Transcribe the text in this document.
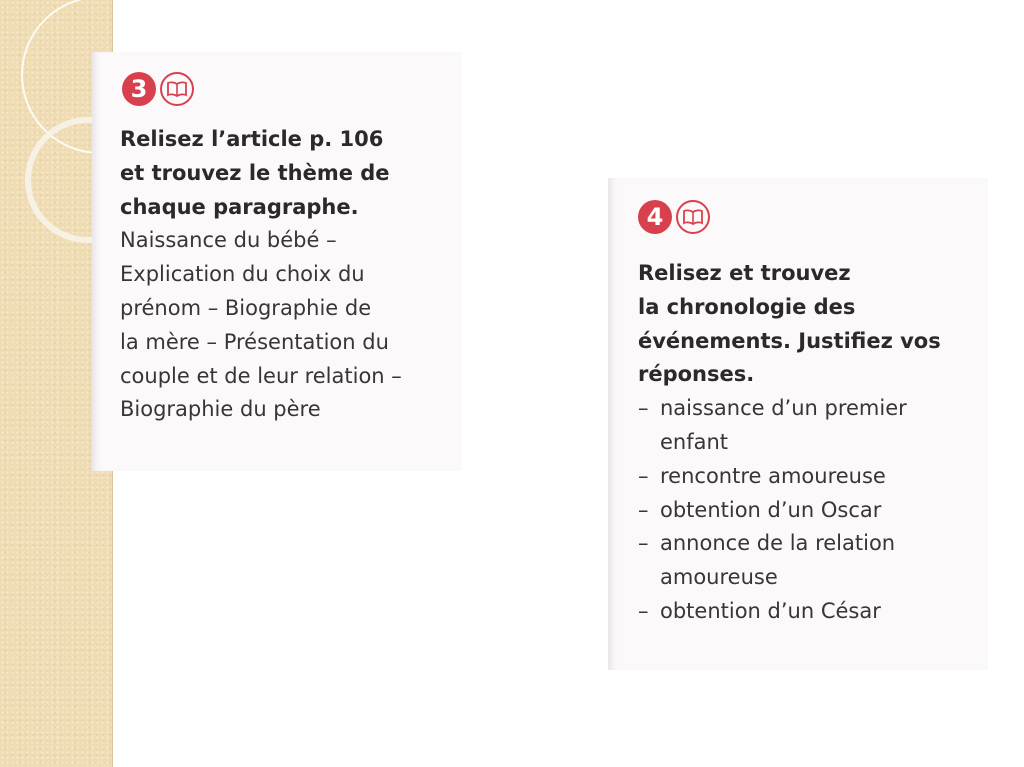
3
Relisez l’article p. 106
et trouvez le thème de
chaque paragraphe.
Naissance du bébé –
Explication du choix du
prénom – Biographie de
la mère – Présentation du
couple et de leur relation –
Biographie du père
4
Relisez et trouvez
la chronologie des
événements. Justifiez vos
réponses.
– naissance d’un premier
enfant
– rencontre amoureuse
– obtention d’un Oscar
– annonce de la relation
amoureuse
– obtention d’un César
